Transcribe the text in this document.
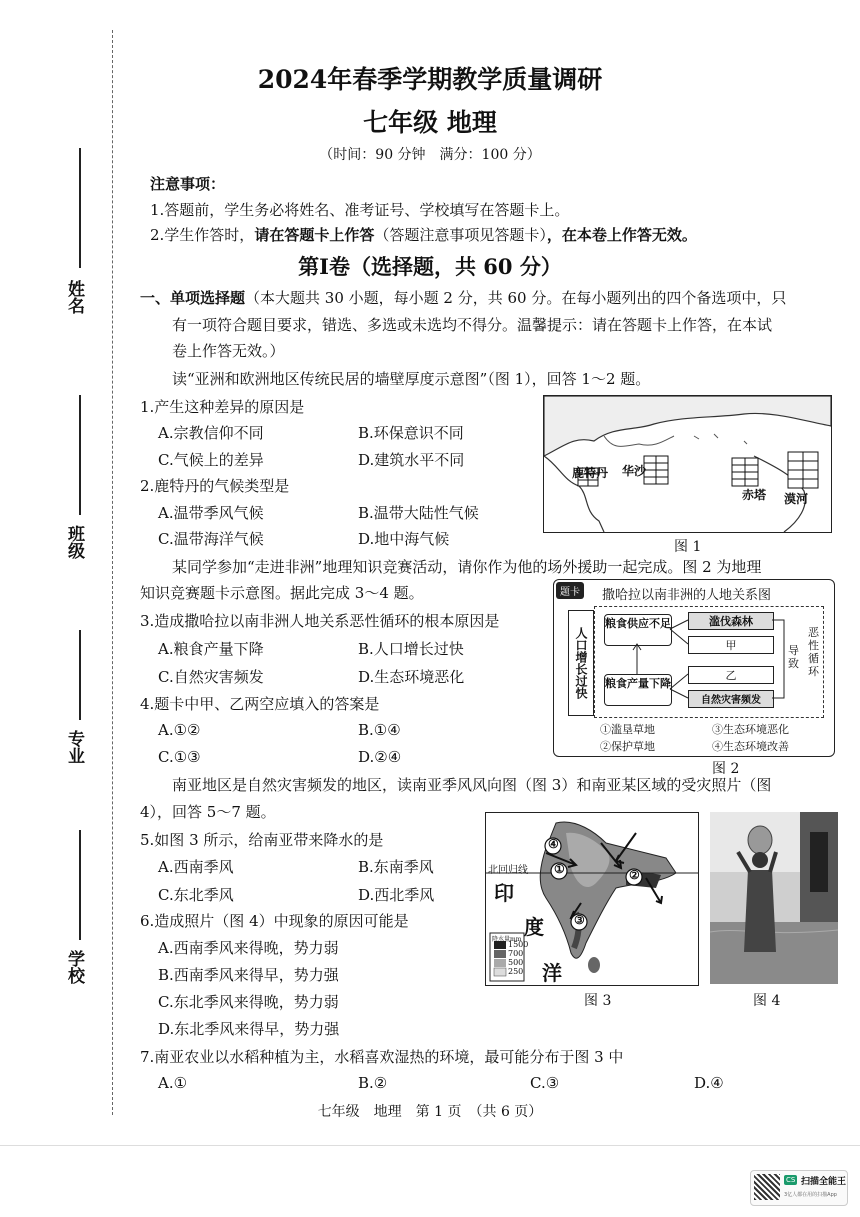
姓名
班级
专业
学校
2024年春季学期教学质量调研
七年级 地理
（时间：90 分钟　满分：100 分）
注意事项：
1.答题前，学生务必将姓名、准考证号、学校填写在答题卡上。
2.学生作答时，请在答题卡上作答（答题注意事项见答题卡），在本卷上作答无效。
第Ⅰ卷（选择题，共 60 分）
一、单项选择题（本大题共 30 小题，每小题 2 分，共 60 分。在每小题列出的四个备选项中，只
有一项符合题目要求，错选、多选或未选均不得分。温馨提示：请在答题卡上作答，在本试
卷上作答无效。）
读“亚洲和欧洲地区传统民居的墙壁厚度示意图”（图 1），回答 1～2 题。
1.产生这种差异的原因是
A.宗教信仰不同	B.环保意识不同
C.气候上的差异	D.建筑水平不同
2.鹿特丹的气候类型是
A.温带季风气候	B.温带大陆性气候
C.温带海洋气候	D.地中海气候
鹿特丹 华沙
赤塔 漠河
图 1
某同学参加“走进非洲”地理知识竞赛活动，请你作为他的场外援助一起完成。图 2 为地理
知识竞赛题卡示意图。据此完成 3～4 题。
3.造成撒哈拉以南非洲人地关系恶性循环的根本原因是
A.粮食产量下降	B.人口增长过快
C.自然灾害频发	D.生态环境恶化
4.题卡中甲、乙两空应填入的答案是
A.①②	B.①④
C.①③	D.②④
题卡	撒哈拉以南非洲的人地关系图
人口增长过快
粮食供应不足
粮食产量下降
滥伐森林
甲
乙
自然灾害频发
导致
恶性循环
①滥垦草地	③生态环境恶化
②保护草地	④生态环境改善
图 2
南亚地区是自然灾害频发的地区，读南亚季风风向图（图 3）和南亚某区域的受灾照片（图
4），回答 5～7 题。
5.如图 3 所示，给南亚带来降水的是
A.西南季风	B.东南季风
C.东北季风	D.西北季风
6.造成照片（图 4）中现象的原因可能是
A.西南季风来得晚，势力弱
B.西南季风来得早，势力强
C.东北季风来得晚，势力弱
D.东北季风来得早，势力强
④
①	②
③
北回归线
印
度
洋
降水量mm
1500
700
500
250
图 3	图 4
7.南亚农业以水稻种植为主，水稻喜欢湿热的环境，最可能分布于图 3 中
A.①	B.②	C.③	D.④
七年级　地理　第 1 页　（共 6 页）
CS 扫描全能王
3亿人都在用的扫描App
